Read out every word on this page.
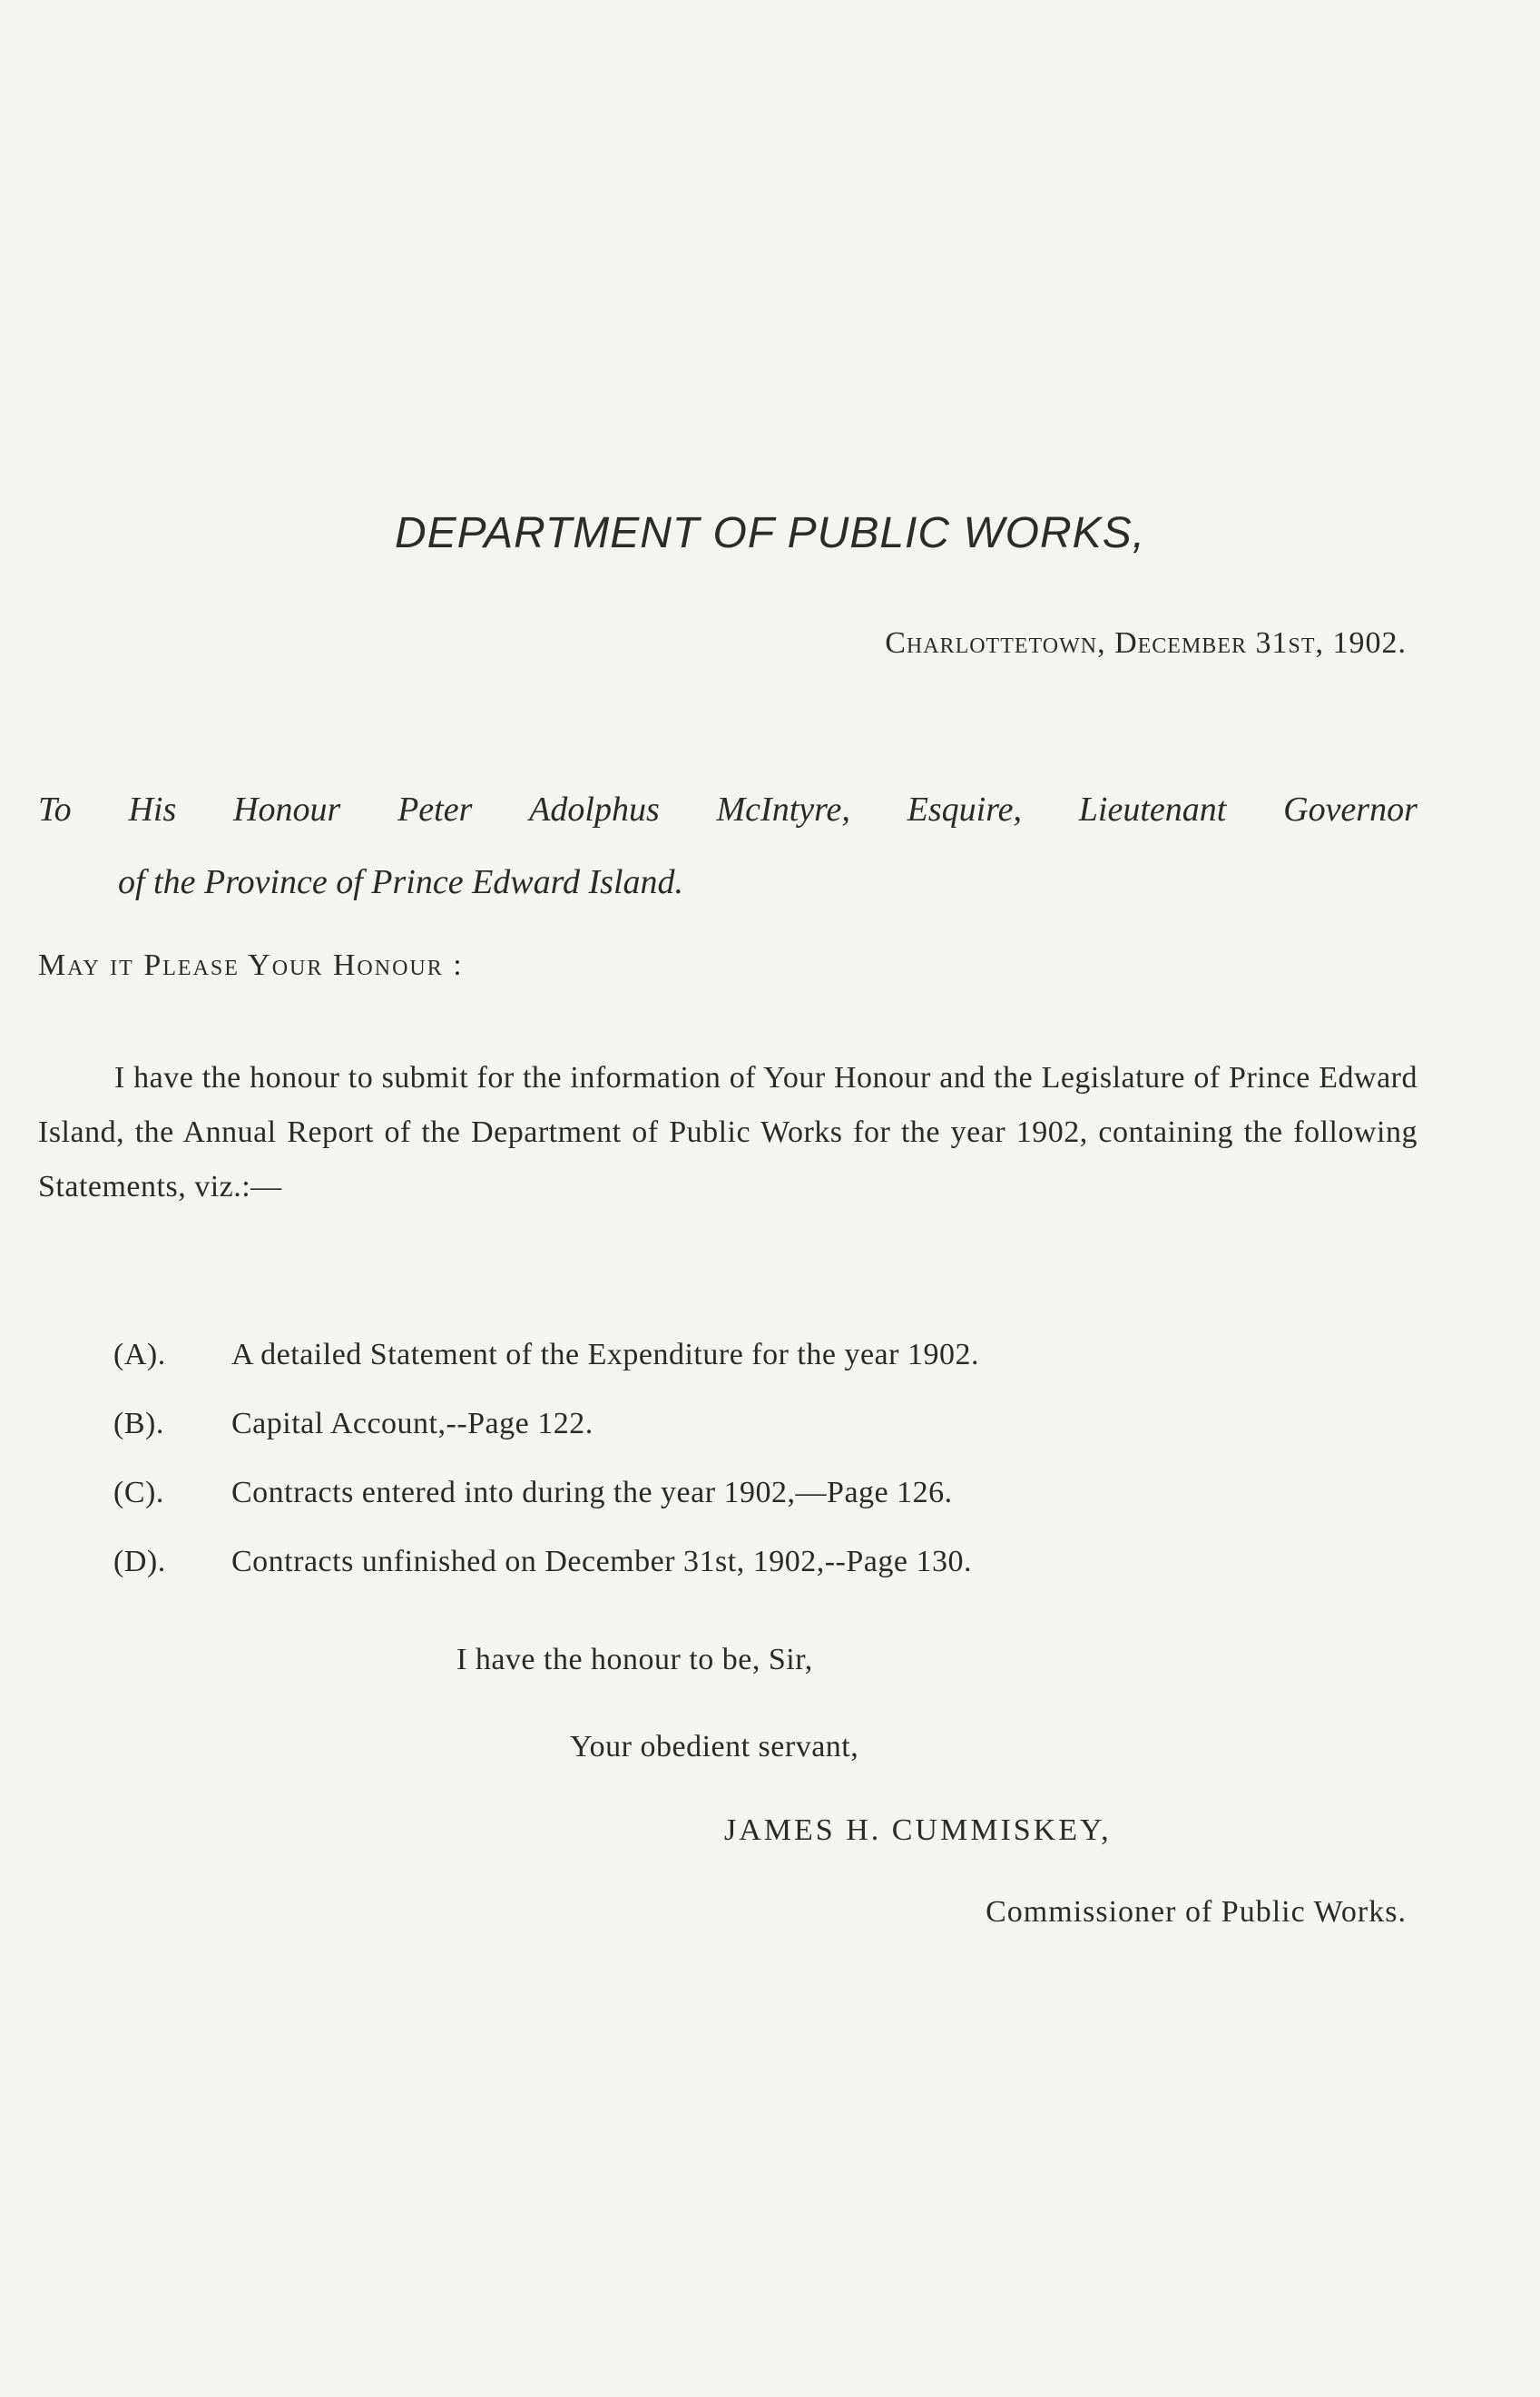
DEPARTMENT OF PUBLIC WORKS,
Charlottetown, December 31st, 1902.
To His Honour Peter Adolphus McIntyre, Esquire, Lieutenant Governor
of the Province of Prince Edward Island.
May it Please Your Honour :
I have the honour to submit for the information of Your Honour and the Legislature of Prince Edward Island, the Annual Report of the Department of Public Works for the year 1902, containing the following Statements, viz.:—
(A).	A detailed Statement of the Expenditure for the year 1902.
(B).	Capital Account,--Page 122.
(C).	Contracts entered into during the year 1902,—Page 126.
(D).	Contracts unfinished on December 31st, 1902,--Page 130.
I have the honour to be, Sir,
Your obedient servant,
JAMES H. CUMMISKEY,
Commissioner of Public Works.
